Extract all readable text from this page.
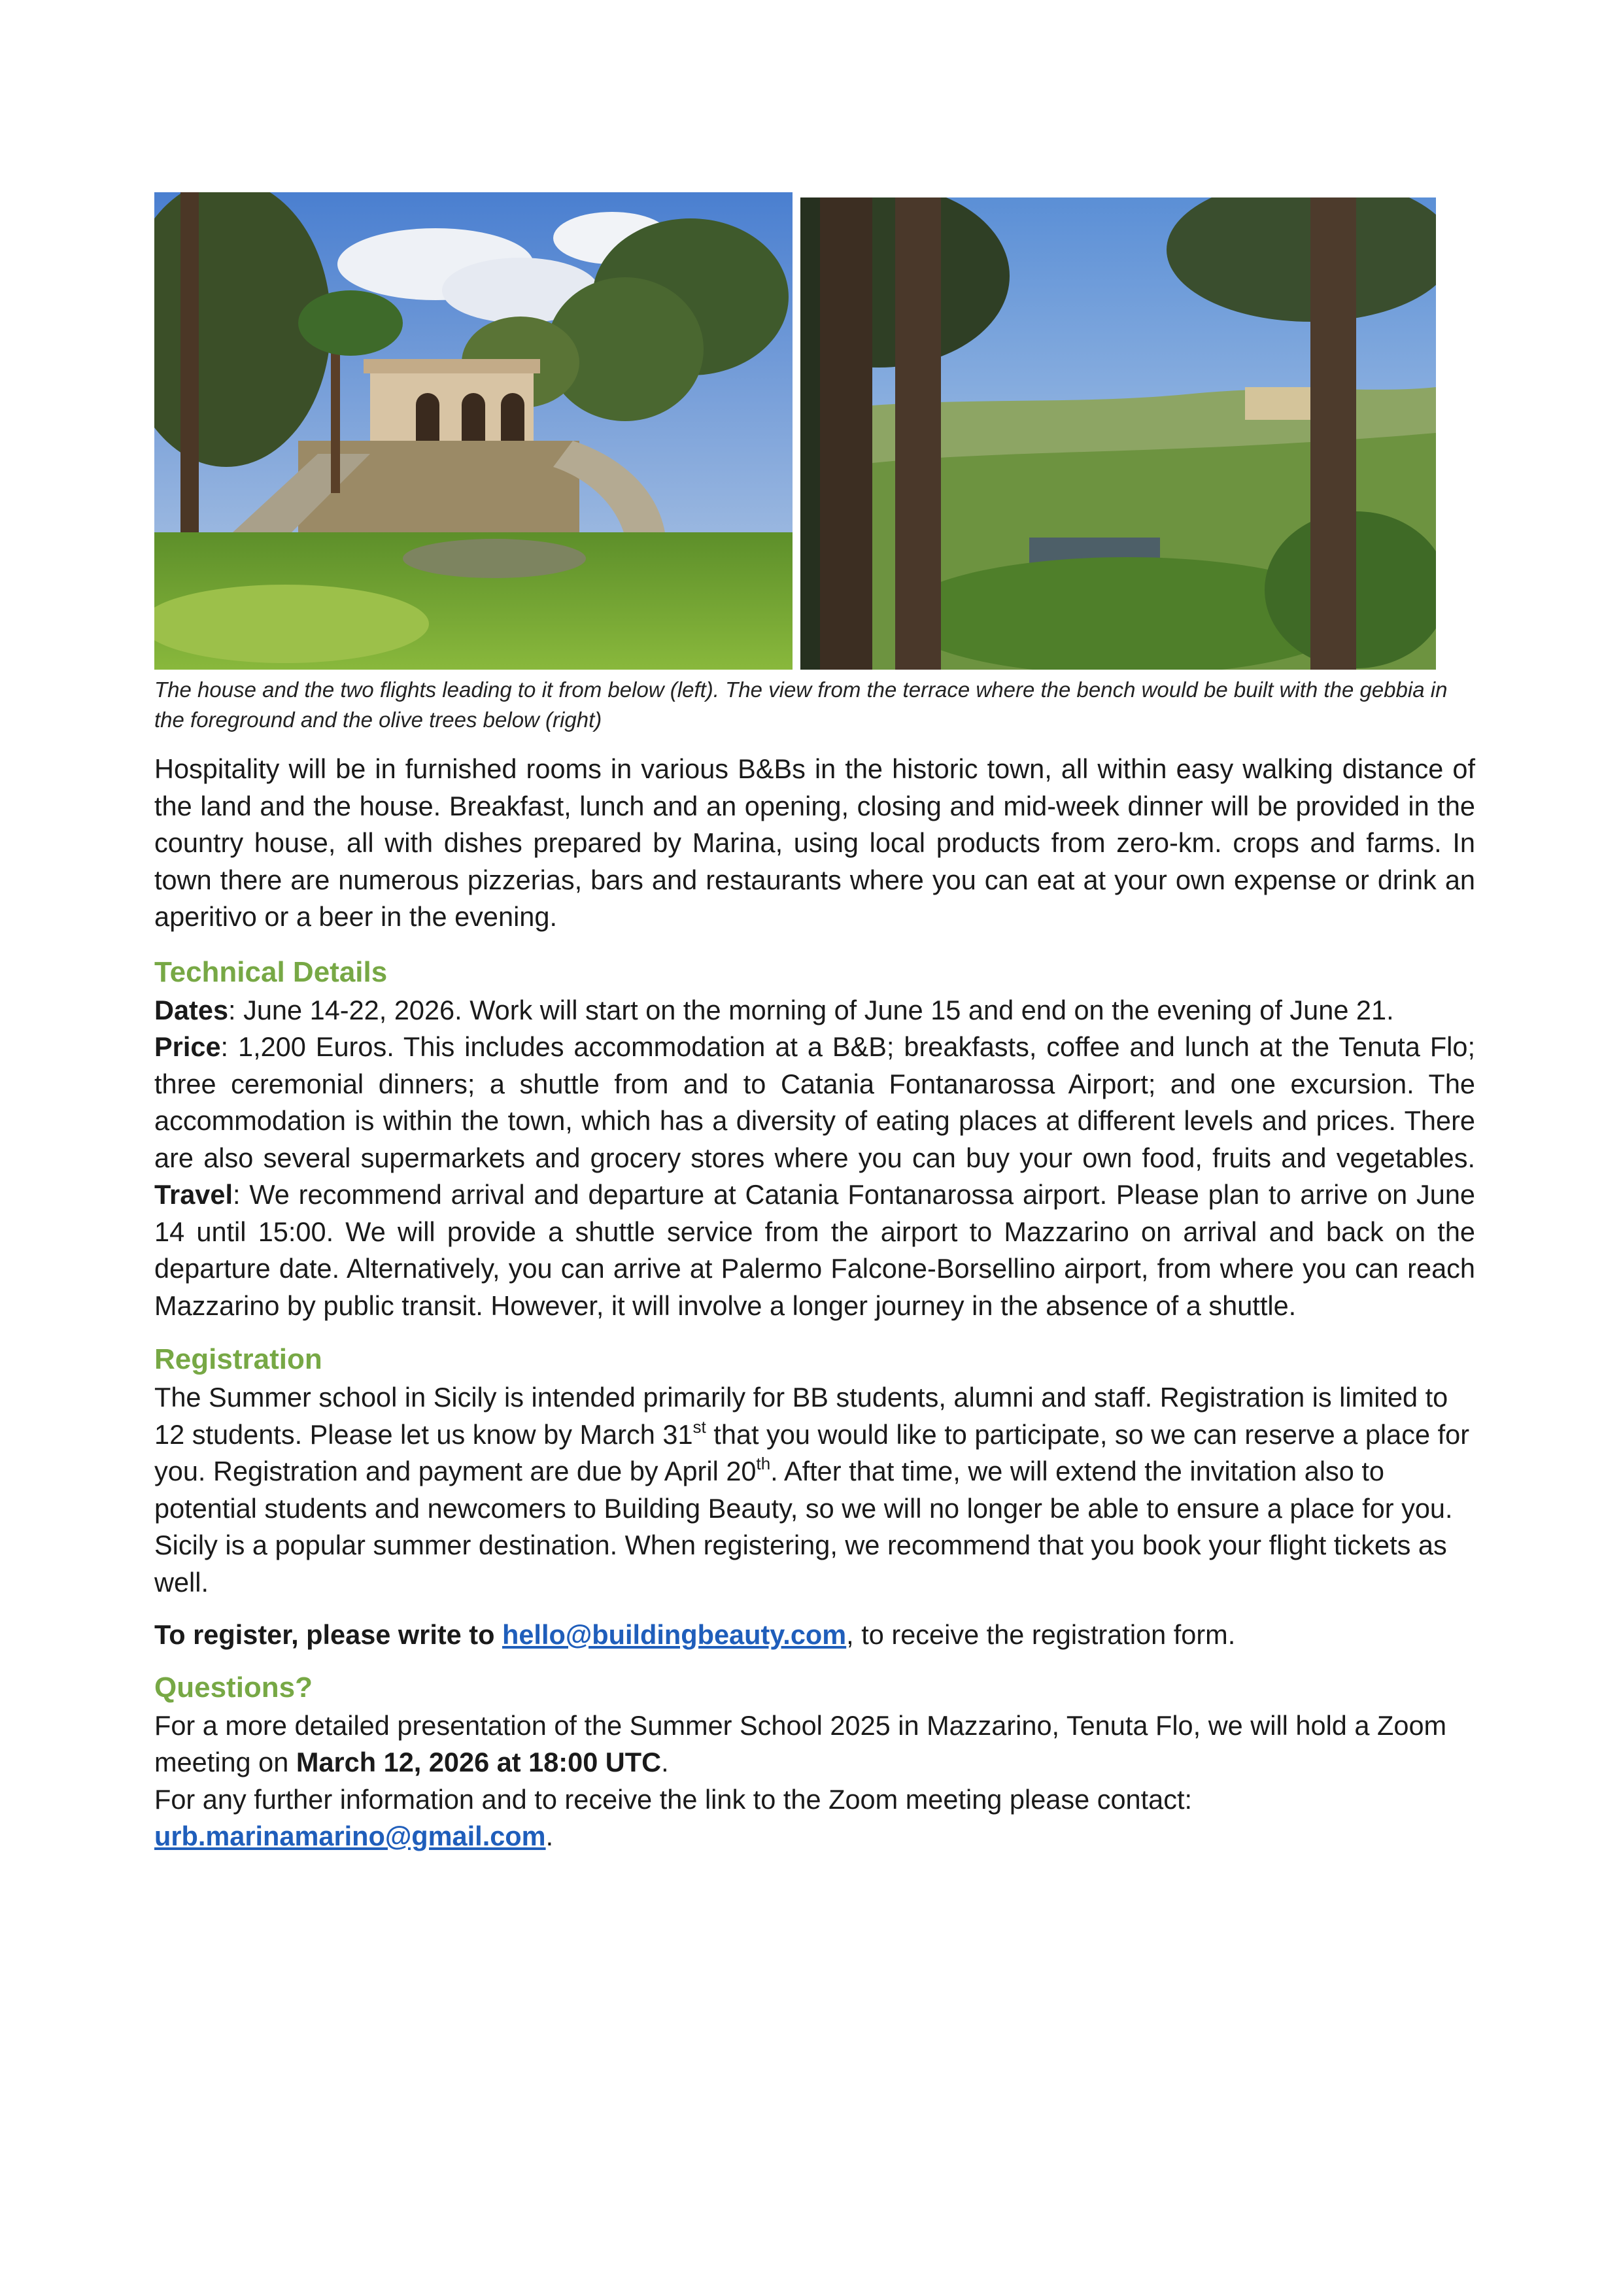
The house and the two flights leading to it from below (left). The view from the terrace where the bench would be built with the gebbia in the foreground and the olive trees below (right)

Hospitality will be in furnished rooms in various B&Bs in the historic town, all within easy walking distance of the land and the house. Breakfast, lunch and an opening, closing and mid-week dinner will be provided in the country house, all with dishes prepared by Marina, using local products from zero-km. crops and farms. In town there are numerous pizzerias, bars and restaurants where you can eat at your own expense or drink an aperitivo or a beer in the evening.

Technical Details

Dates: June 14-22, 2026. Work will start on the morning of June 15 and end on the evening of June 21.

Price: 1,200 Euros. This includes accommodation at a B&B; breakfasts, coffee and lunch at the Tenuta Flo; three ceremonial dinners; a shuttle from and to Catania Fontanarossa Airport; and one excursion. The accommodation is within the town, which has a diversity of eating places at different levels and prices. There are also several supermarkets and grocery stores where you can buy your own food, fruits and vegetables. Travel: We recommend arrival and departure at Catania Fontanarossa airport. Please plan to arrive on June 14 until 15:00. We will provide a shuttle service from the airport to Mazzarino on arrival and back on the departure date. Alternatively, you can arrive at Palermo Falcone-Borsellino airport, from where you can reach Mazzarino by public transit. However, it will involve a longer journey in the absence of a shuttle.

Registration

The Summer school in Sicily is intended primarily for BB students, alumni and staff. Registration is limited to 12 students. Please let us know by March 31st that you would like to participate, so we can reserve a place for you. Registration and payment are due by April 20th. After that time, we will extend the invitation also to potential students and newcomers to Building Beauty, so we will no longer be able to ensure a place for you. Sicily is a popular summer destination. When registering, we recommend that you book your flight tickets as well.

To register, please write to hello@buildingbeauty.com, to receive the registration form.

Questions?

For a more detailed presentation of the Summer School 2025 in Mazzarino, Tenuta Flo, we will hold a Zoom meeting on March 12, 2026 at 18:00 UTC.

For any further information and to receive the link to the Zoom meeting please contact:

urb.marinamarino@gmail.com.
